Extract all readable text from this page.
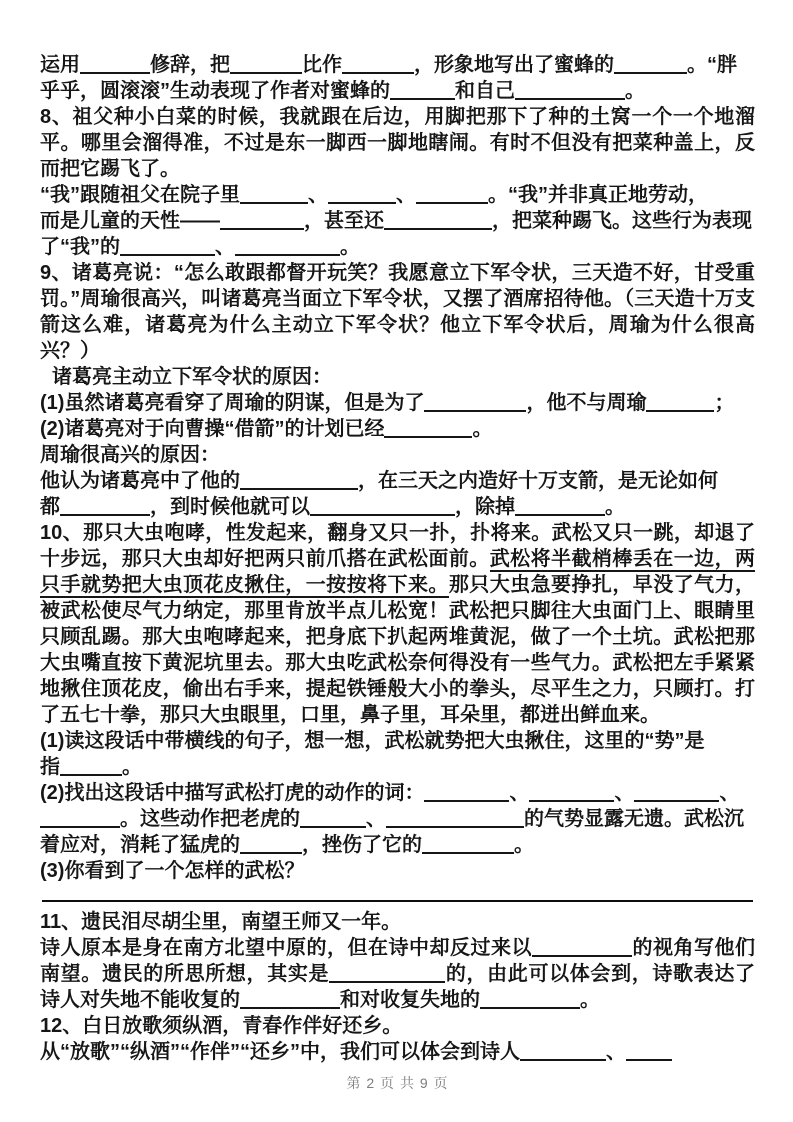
运用	修辞，把	比作	，形象地写出了蜜蜂的	。“胖
乎乎，圆滚滚”生动表现了作者对蜜蜂的	和自己	。

8、祖父种小白菜的时候，我就跟在后边，用脚把那下了种的土窝一个一个地溜平。哪里会溜得准，不过是东一脚西一脚地瞎闹。有时不但没有把菜种盖上，反而把它踢飞了。

“我”跟随祖父在院子里	、	、	。“我”并非真正地劳动，
而是儿童的天性——	，甚至还	，把菜种踢飞。这些行为表现
了“我”的	、	。

9、诸葛亮说：“怎么敢跟都督开玩笑？我愿意立下军令状，三天造不好，甘受重罚。”周瑜很高兴，叫诸葛亮当面立下军令状，又摆了酒席招待他。（三天造十万支箭这么难，诸葛亮为什么主动立下军令状？他立下军令状后，周瑜为什么很高兴？）

诸葛亮主动立下军令状的原因：

(1)虽然诸葛亮看穿了周瑜的阴谋，但是为了	，他不与周瑜	；

(2)诸葛亮对于向曹操“借箭”的计划已经	。

周瑜很高兴的原因：

他认为诸葛亮中了他的	，在三天之内造好十万支箭，是无论如何
都	，到时候他就可以	，除掉	。

10、那只大虫咆哮，性发起来，翻身又只一扑，扑将来。武松又只一跳，却退了十步远，那只大虫却好把两只前爪搭在武松面前。武松将半截梢棒丢在一边，两只手就势把大虫顶花皮揪住，一按按将下来。那只大虫急要挣扎，早没了气力，被武松使尽气力纳定，那里肯放半点儿松宽！武松把只脚往大虫面门上、眼睛里只顾乱踢。那大虫咆哮起来，把身底下扒起两堆黄泥，做了一个土坑。武松把那大虫嘴直按下黄泥坑里去。那大虫吃武松奈何得没有一些气力。武松把左手紧紧地揪住顶花皮，偷出右手来，提起铁锤般大小的拳头，尽平生之力，只顾打。打了五七十拳，那只大虫眼里，口里，鼻子里，耳朵里，都迸出鲜血来。

(1)读这段话中带横线的句子，想一想，武松就势把大虫揪住，这里的“势”是
指	。

(2)找出这段话中描写武松打虎的动作的词：	、	、	、
。这些动作把老虎的	、	的气势显露无遗。武松沉
着应对，消耗了猛虎的	，挫伤了它的	。

(3)你看到了一个怎样的武松？

11、遗民泪尽胡尘里，南望王师又一年。

诗人原本是身在南方北望中原的，但在诗中却反过来以	的视角写他们南望。遗民的所思所想，其实是	的，由此可以体会到，诗歌表达了诗人对失地不能收复的	和对收复失地的	。

12、白日放歌须纵酒，青春作伴好还乡。

从“放歌”“纵酒”“作伴”“还乡”中，我们可以体会到诗人	、

第 2 页 共 9 页
